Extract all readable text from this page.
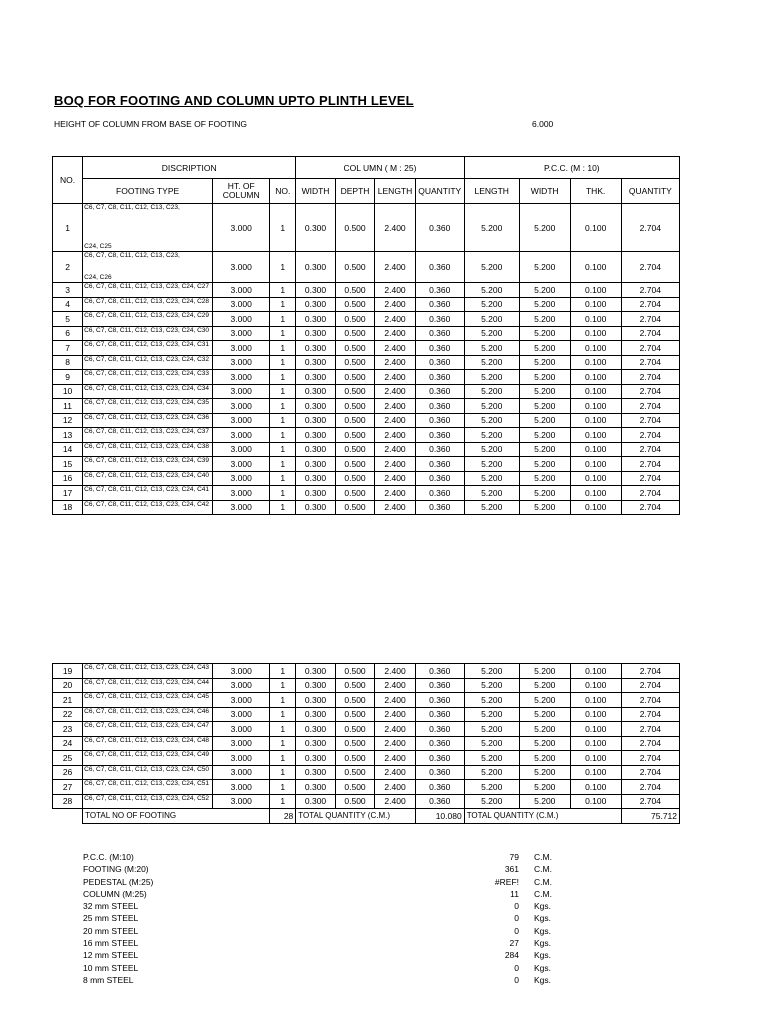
BOQ FOR FOOTING AND COLUMN UPTO PLINTH LEVEL
HEIGHT OF COLUMN FROM BASE OF FOOTING	6.000
NO.	DISCRIPTION			COL UMN ( M : 25)				P.C.C. (M : 10)			
	FOOTING TYPE	HT. OF COLUMN	NO.	WIDTH	DEPTH	LENGTH	QUANTITY	LENGTH	WIDTH	THK.	QUANTITY
1	C6, C7, C8, C11, C12, C13, C23,
C24, C25	3.000	1	0.300	0.500	2.400	0.360	5.200	5.200	0.100	2.704
2	C6, C7, C8, C11, C12, C13, C23,
C24, C26	3.000	1	0.300	0.500	2.400	0.360	5.200	5.200	0.100	2.704
3	C6, C7, C8, C11, C12, C13, C23, C24, C27	3.000	1	0.300	0.500	2.400	0.360	5.200	5.200	0.100	2.704
4	C6, C7, C8, C11, C12, C13, C23, C24, C28	3.000	1	0.300	0.500	2.400	0.360	5.200	5.200	0.100	2.704
5	C6, C7, C8, C11, C12, C13, C23, C24, C29	3.000	1	0.300	0.500	2.400	0.360	5.200	5.200	0.100	2.704
6	C6, C7, C8, C11, C12, C13, C23, C24, C30	3.000	1	0.300	0.500	2.400	0.360	5.200	5.200	0.100	2.704
7	C6, C7, C8, C11, C12, C13, C23, C24, C31	3.000	1	0.300	0.500	2.400	0.360	5.200	5.200	0.100	2.704
8	C6, C7, C8, C11, C12, C13, C23, C24, C32	3.000	1	0.300	0.500	2.400	0.360	5.200	5.200	0.100	2.704
9	C6, C7, C8, C11, C12, C13, C23, C24, C33	3.000	1	0.300	0.500	2.400	0.360	5.200	5.200	0.100	2.704
10	C6, C7, C8, C11, C12, C13, C23, C24, C34	3.000	1	0.300	0.500	2.400	0.360	5.200	5.200	0.100	2.704
11	C6, C7, C8, C11, C12, C13, C23, C24, C35	3.000	1	0.300	0.500	2.400	0.360	5.200	5.200	0.100	2.704
12	C6, C7, C8, C11, C12, C13, C23, C24, C36	3.000	1	0.300	0.500	2.400	0.360	5.200	5.200	0.100	2.704
13	C6, C7, C8, C11, C12, C13, C23, C24, C37	3.000	1	0.300	0.500	2.400	0.360	5.200	5.200	0.100	2.704
14	C6, C7, C8, C11, C12, C13, C23, C24, C38	3.000	1	0.300	0.500	2.400	0.360	5.200	5.200	0.100	2.704
15	C6, C7, C8, C11, C12, C13, C23, C24, C39	3.000	1	0.300	0.500	2.400	0.360	5.200	5.200	0.100	2.704
16	C6, C7, C8, C11, C12, C13, C23, C24, C40	3.000	1	0.300	0.500	2.400	0.360	5.200	5.200	0.100	2.704
17	C6, C7, C8, C11, C12, C13, C23, C24, C41	3.000	1	0.300	0.500	2.400	0.360	5.200	5.200	0.100	2.704
18	C6, C7, C8, C11, C12, C13, C23, C24, C42	3.000	1	0.300	0.500	2.400	0.360	5.200	5.200	0.100	2.704
19	C6, C7, C8, C11, C12, C13, C23, C24, C43	3.000	1	0.300	0.500	2.400	0.360	5.200	5.200	0.100	2.704
20	C6, C7, C8, C11, C12, C13, C23, C24, C44	3.000	1	0.300	0.500	2.400	0.360	5.200	5.200	0.100	2.704
21	C6, C7, C8, C11, C12, C13, C23, C24, C45	3.000	1	0.300	0.500	2.400	0.360	5.200	5.200	0.100	2.704
22	C6, C7, C8, C11, C12, C13, C23, C24, C46	3.000	1	0.300	0.500	2.400	0.360	5.200	5.200	0.100	2.704
23	C6, C7, C8, C11, C12, C13, C23, C24, C47	3.000	1	0.300	0.500	2.400	0.360	5.200	5.200	0.100	2.704
24	C6, C7, C8, C11, C12, C13, C23, C24, C48	3.000	1	0.300	0.500	2.400	0.360	5.200	5.200	0.100	2.704
25	C6, C7, C8, C11, C12, C13, C23, C24, C49	3.000	1	0.300	0.500	2.400	0.360	5.200	5.200	0.100	2.704
26	C6, C7, C8, C11, C12, C13, C23, C24, C50	3.000	1	0.300	0.500	2.400	0.360	5.200	5.200	0.100	2.704
27	C6, C7, C8, C11, C12, C13, C23, C24, C51	3.000	1	0.300	0.500	2.400	0.360	5.200	5.200	0.100	2.704
28	C6, C7, C8, C11, C12, C13, C23, C24, C52	3.000	1	0.300	0.500	2.400	0.360	5.200	5.200	0.100	2.704
	TOTAL NO OF FOOTING		28	TOTAL QUANTITY (C.M.)			10.080	TOTAL QUANTITY (C.M.)			75.712
P.C.C. (M:10)	79 C.M.
FOOTING (M:20)	361 C.M.
PEDESTAL (M:25)	#REF! C.M.
COLUMN (M:25)	11 C.M.
32 mm STEEL	0 Kgs.
25 mm STEEL	0 Kgs.
20 mm STEEL	0 Kgs.
16 mm STEEL	27 Kgs.
12 mm STEEL	284 Kgs.
10 mm STEEL	0 Kgs.
8 mm STEEL	0 Kgs.
